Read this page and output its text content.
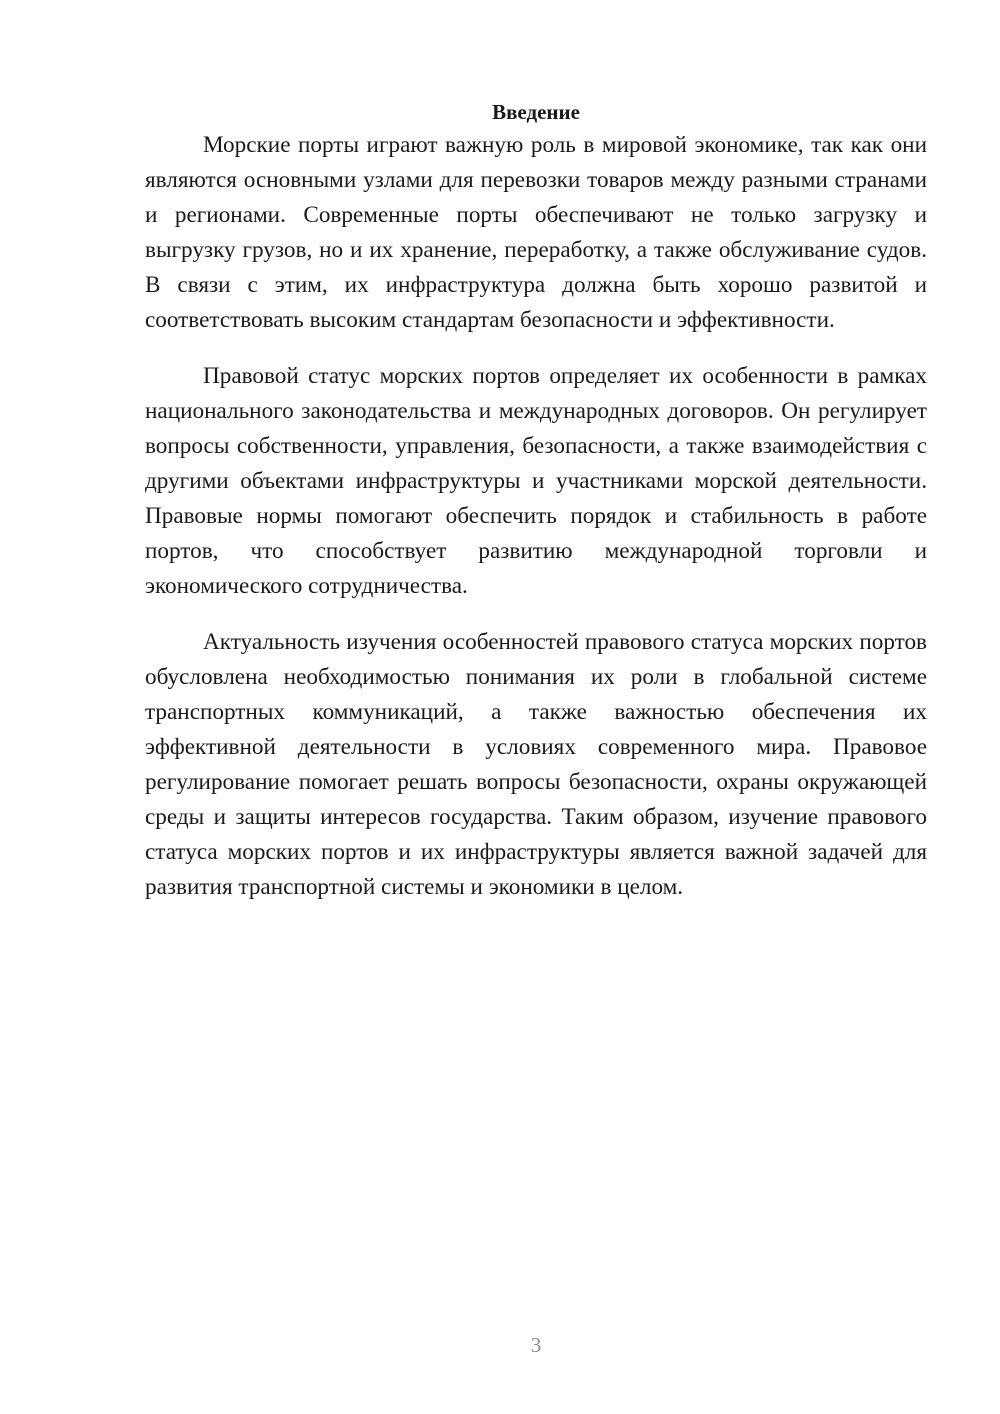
Введение

Морские порты играют важную роль в мировой экономике, так как они являются основными узлами для перевозки товаров между разными странами и регионами. Современные порты обеспечивают не только загрузку и выгрузку грузов, но и их хранение, переработку, а также обслуживание судов. В связи с этим, их инфраструктура должна быть хорошо развитой и соответствовать высоким стандартам безопасности и эффективности.

Правовой статус морских портов определяет их особенности в рамках национального законодательства и международных договоров. Он регулирует вопросы собственности, управления, безопасности, а также взаимодействия с другими объектами инфраструктуры и участниками морской деятельности. Правовые нормы помогают обеспечить порядок и стабильность в работе портов, что способствует развитию международной торговли и экономического сотрудничества.

Актуальность изучения особенностей правового статуса морских портов обусловлена необходимостью понимания их роли в глобальной системе транспортных коммуникаций, а также важностью обеспечения их эффективной деятельности в условиях современного мира. Правовое регулирование помогает решать вопросы безопасности, охраны окружающей среды и защиты интересов государства. Таким образом, изучение правового статуса морских портов и их инфраструктуры является важной задачей для развития транспортной системы и экономики в целом.

3
